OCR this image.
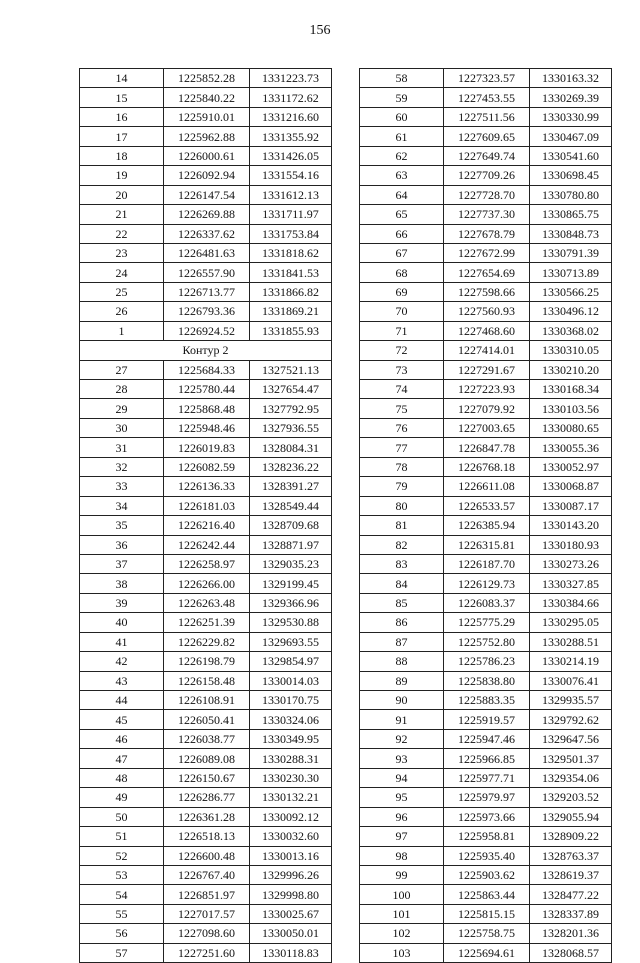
156
14	1225852.28	1331223.73
15	1225840.22	1331172.62
16	1225910.01	1331216.60
17	1225962.88	1331355.92
18	1226000.61	1331426.05
19	1226092.94	1331554.16
20	1226147.54	1331612.13
21	1226269.88	1331711.97
22	1226337.62	1331753.84
23	1226481.63	1331818.62
24	1226557.90	1331841.53
25	1226713.77	1331866.82
26	1226793.36	1331869.21
1	1226924.52	1331855.93
Контур 2		
27	1225684.33	1327521.13
28	1225780.44	1327654.47
29	1225868.48	1327792.95
30	1225948.46	1327936.55
31	1226019.83	1328084.31
32	1226082.59	1328236.22
33	1226136.33	1328391.27
34	1226181.03	1328549.44
35	1226216.40	1328709.68
36	1226242.44	1328871.97
37	1226258.97	1329035.23
38	1226266.00	1329199.45
39	1226263.48	1329366.96
40	1226251.39	1329530.88
41	1226229.82	1329693.55
42	1226198.79	1329854.97
43	1226158.48	1330014.03
44	1226108.91	1330170.75
45	1226050.41	1330324.06
46	1226038.77	1330349.95
47	1226089.08	1330288.31
48	1226150.67	1330230.30
49	1226286.77	1330132.21
50	1226361.28	1330092.12
51	1226518.13	1330032.60
52	1226600.48	1330013.16
53	1226767.40	1329996.26
54	1226851.97	1329998.80
55	1227017.57	1330025.67
56	1227098.60	1330050.01
57	1227251.60	1330118.83
58	1227323.57	1330163.32
59	1227453.55	1330269.39
60	1227511.56	1330330.99
61	1227609.65	1330467.09
62	1227649.74	1330541.60
63	1227709.26	1330698.45
64	1227728.70	1330780.80
65	1227737.30	1330865.75
66	1227678.79	1330848.73
67	1227672.99	1330791.39
68	1227654.69	1330713.89
69	1227598.66	1330566.25
70	1227560.93	1330496.12
71	1227468.60	1330368.02
72	1227414.01	1330310.05
73	1227291.67	1330210.20
74	1227223.93	1330168.34
75	1227079.92	1330103.56
76	1227003.65	1330080.65
77	1226847.78	1330055.36
78	1226768.18	1330052.97
79	1226611.08	1330068.87
80	1226533.57	1330087.17
81	1226385.94	1330143.20
82	1226315.81	1330180.93
83	1226187.70	1330273.26
84	1226129.73	1330327.85
85	1226083.37	1330384.66
86	1225775.29	1330295.05
87	1225752.80	1330288.51
88	1225786.23	1330214.19
89	1225838.80	1330076.41
90	1225883.35	1329935.57
91	1225919.57	1329792.62
92	1225947.46	1329647.56
93	1225966.85	1329501.37
94	1225977.71	1329354.06
95	1225979.97	1329203.52
96	1225973.66	1329055.94
97	1225958.81	1328909.22
98	1225935.40	1328763.37
99	1225903.62	1328619.37
100	1225863.44	1328477.22
101	1225815.15	1328337.89
102	1225758.75	1328201.36
103	1225694.61	1328068.57
